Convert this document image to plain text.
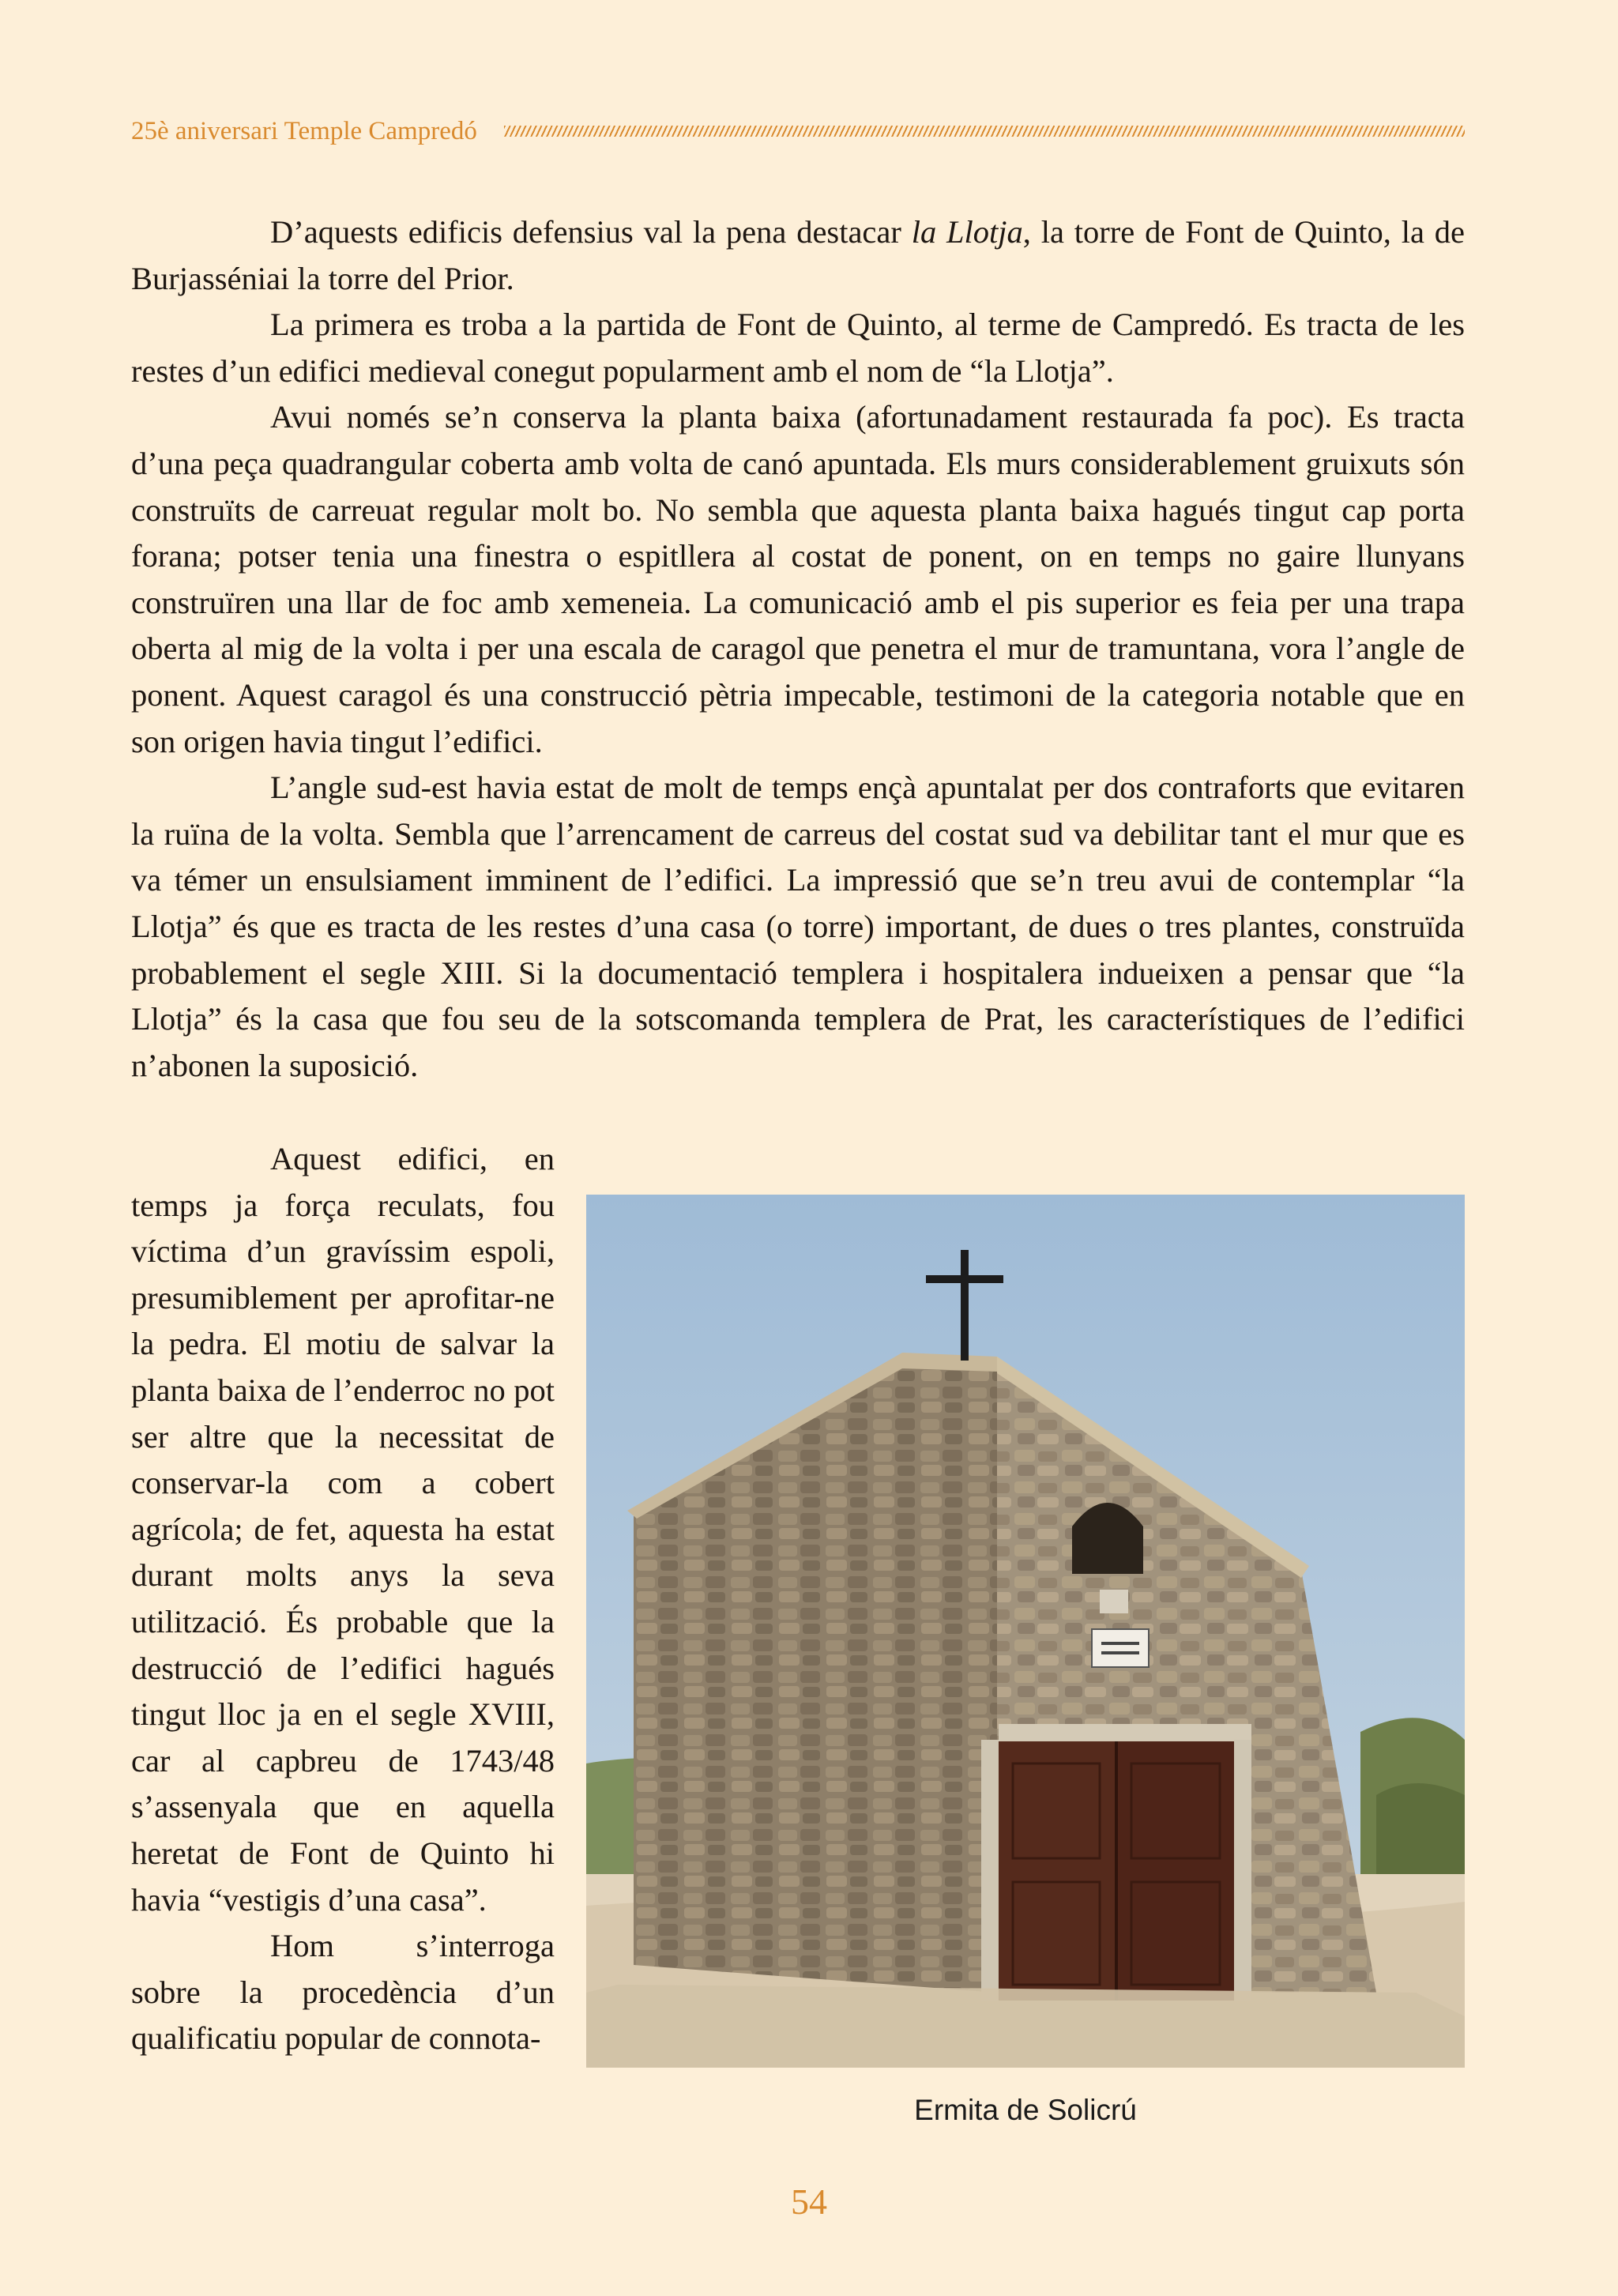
25è aniversari Temple Campredó

D’aquests edificis defensius val la pena destacar la Llotja, la torre de Font de Quinto, la de Burjasséniai la torre del Prior.

La primera es troba a la partida de Font de Quinto, al terme de Campredó. Es tracta de les restes d’un edifici medieval conegut popularment amb el nom de “la Llotja”.

Avui només se’n conserva la planta baixa (afortunadament restaurada fa poc). Es tracta d’una peça quadrangular coberta amb volta de canó apuntada. Els murs considerablement gruixuts són construïts de carreuat regular molt bo. No sembla que aquesta planta baixa hagués tingut cap porta forana; potser tenia una finestra o espitllera al costat de ponent, on en temps no gaire llunyans construïren una llar de foc amb xemeneia. La comunicació amb el pis superior es feia per una trapa oberta al mig de la volta i per una escala de caragol que penetra el mur de tramuntana, vora l’angle de ponent. Aquest caragol és una construcció pètria impecable, testimoni de la categoria notable que en son origen havia tingut l’edifici.

L’angle sud-est havia estat de molt de temps ençà apuntalat per dos contraforts que evitaren la ruïna de la volta. Sembla que l’arrencament de carreus del costat sud va debilitar tant el mur que es va témer un ensulsiament imminent de l’edifici. La impressió que se’n treu avui de contemplar “la Llotja” és que es tracta de les restes d’una casa (o torre) important, de dues o tres plantes, construïda probablement el segle XIII. Si la documentació templera i hospitalera indueixen a pensar que “la Llotja” és la casa que fou seu de la sotscomanda templera de Prat, les característiques de l’edifici n’abonen la suposició.

Aquest edifici, en temps ja força reculats, fou víctima d’un gravíssim espoli, presumiblement per aprofitar-ne la pedra. El motiu de salvar la planta baixa de l’enderroc no pot ser altre que la necessitat de conservar-la com a cobert agrícola; de fet, aquesta ha estat durant molts anys la seva utilització. És probable que la destrucció de l’edifici hagués tingut lloc ja en el segle XVIII, car al capbreu de 1743/48 s’assenyala que en aquella heretat de Font de Quinto hi havia “vestigis d’una casa”.

Hom s’interroga sobre la procedència d’un qualificatiu popular de connota-

Ermita de Solicrú
54
